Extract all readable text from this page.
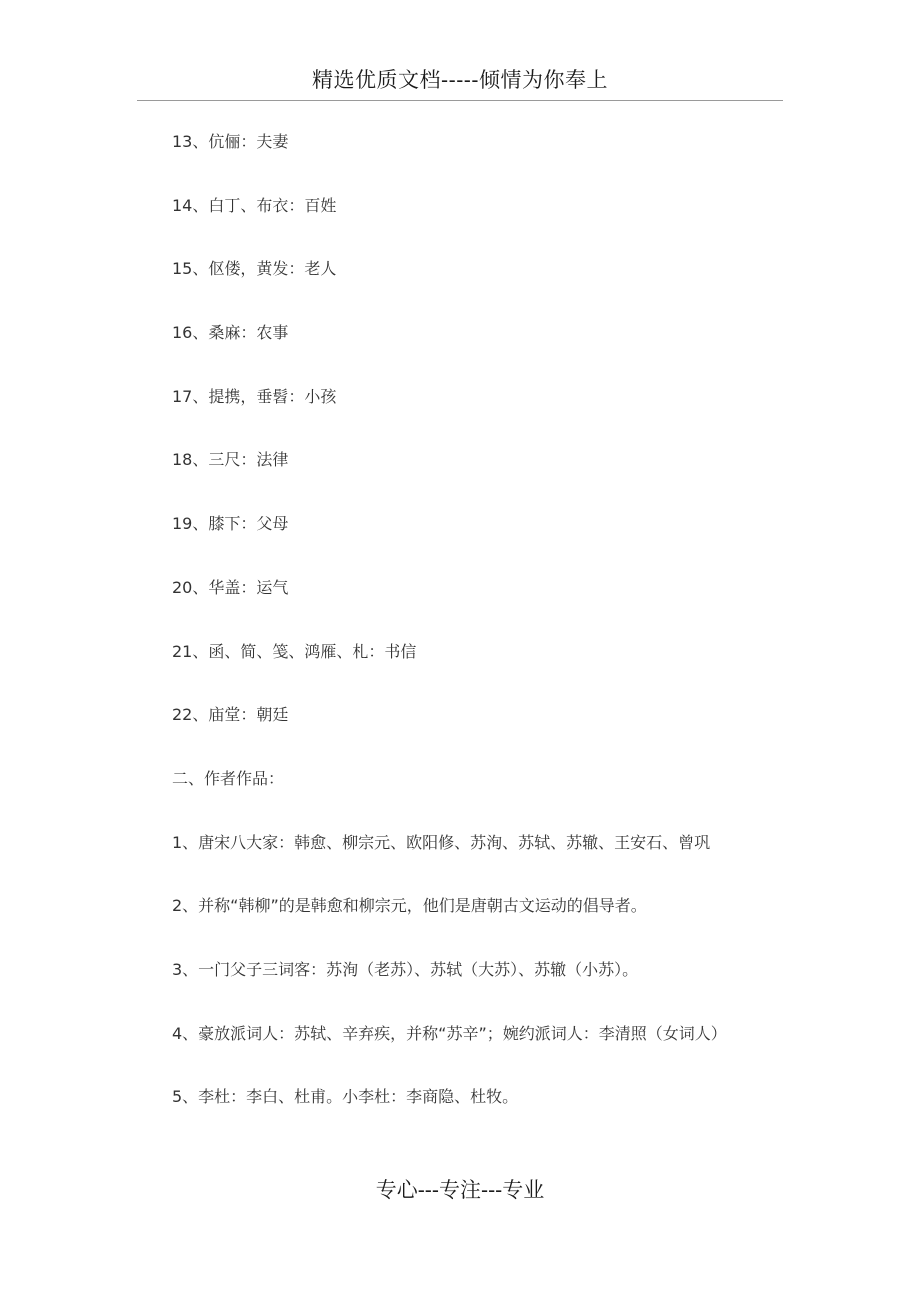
精选优质文档-----倾情为你奉上
13、伉俪：夫妻
14、白丁、布衣：百姓
15、伛偻，黄发：老人
16、桑麻：农事
17、提携，垂髫：小孩
18、三尺：法律
19、膝下：父母
20、华盖：运气
21、函、简、笺、鸿雁、札：书信
22、庙堂：朝廷
二、作者作品：
1、唐宋八大家：韩愈、柳宗元、欧阳修、苏洵、苏轼、苏辙、王安石、曾巩
2、并称“韩柳”的是韩愈和柳宗元，他们是唐朝古文运动的倡导者。
3、一门父子三词客：苏洵（老苏）、苏轼（大苏）、苏辙（小苏）。
4、豪放派词人：苏轼、辛弃疾，并称“苏辛”；婉约派词人：李清照（女词人）
5、李杜：李白、杜甫。小李杜：李商隐、杜牧。
专心---专注---专业
